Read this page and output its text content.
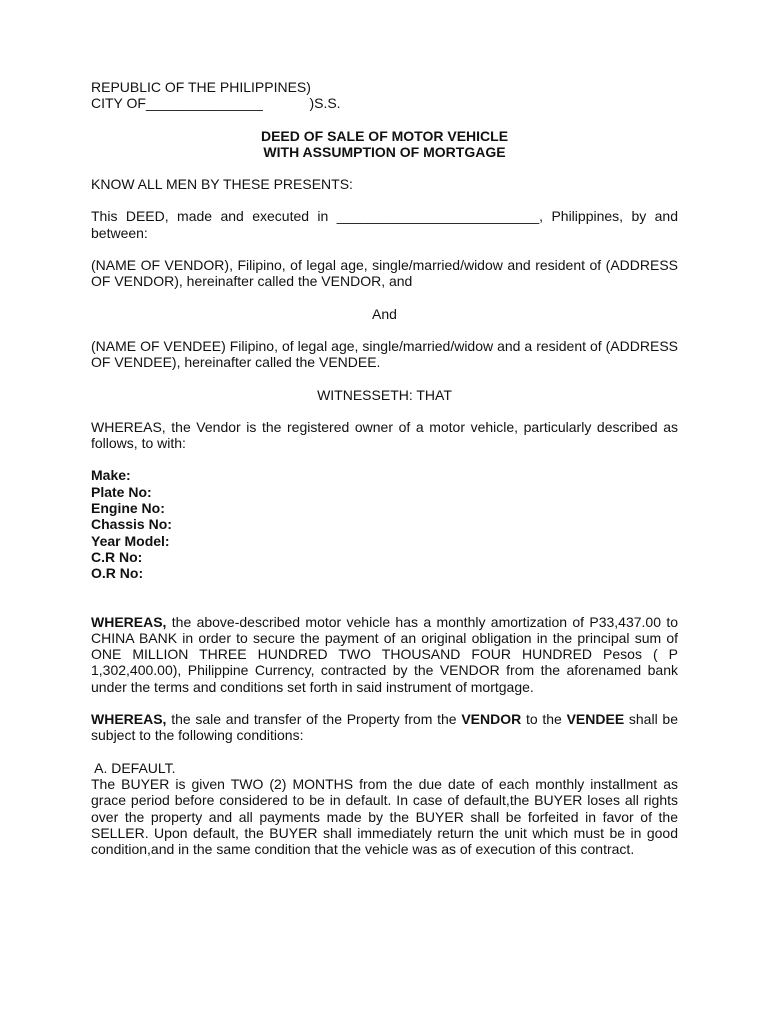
REPUBLIC OF THE PHILIPPINES)

CITY OF_______________	)S.S.

DEED OF SALE OF MOTOR VEHICLE

WITH ASSUMPTION OF MORTGAGE

KNOW ALL MEN BY THESE PRESENTS:

This DEED, made and executed in __________________________, Philippines, by and between:

(NAME OF VENDOR), Filipino, of legal age, single/married/widow and resident of (ADDRESS OF VENDOR), hereinafter called the VENDOR, and

And

(NAME OF VENDEE) Filipino, of legal age, single/married/widow and a resident of (ADDRESS OF VENDEE), hereinafter called the VENDEE.

WITNESSETH: THAT

WHEREAS, the Vendor is the registered owner of a motor vehicle, particularly described as follows, to with:

Make:
Plate No:
Engine No:
Chassis No:
Year Model:
C.R No:
O.R No:

WHEREAS, the above-described motor vehicle has a monthly amortization of P33,437.00 to CHINA BANK in order to secure the payment of an original obligation in the principal sum of ONE MILLION THREE HUNDRED TWO THOUSAND FOUR HUNDRED Pesos ( P 1,302,400.00), Philippine Currency, contracted by the VENDOR from the aforenamed bank under the terms and conditions set forth in said instrument of mortgage.

WHEREAS, the sale and transfer of the Property from the VENDOR to the VENDEE shall be subject to the following conditions:

A. DEFAULT.

The BUYER is given TWO (2) MONTHS from the due date of each monthly installment as grace period before considered to be in default. In case of default,the BUYER loses all rights over the property and all payments made by the BUYER shall be forfeited in favor of the SELLER. Upon default, the BUYER shall immediately return the unit which must be in good condition,and in the same condition that the vehicle was as of execution of this contract.
